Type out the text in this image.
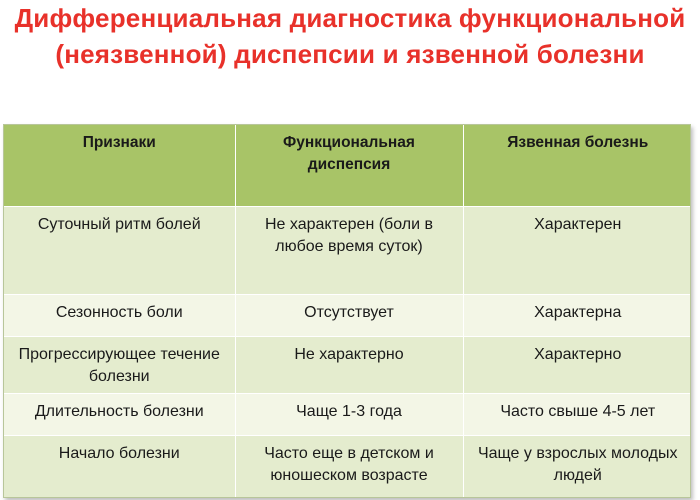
Дифференциальная диагностика функциональной
(неязвенной) диспепсии и язвенной болезни
Признаки	Функциональная диспепсия	Язвенная болезнь
Суточный ритм болей	Не характерен (боли в любое время суток)	Характерен
Сезонность боли	Отсутствует	Характерна
Прогрессирующее течение болезни	Не характерно	Характерно
Длительность болезни	Чаще 1-3 года	Часто свыше 4-5 лет
Начало болезни	Часто еще в детском и юношеском возрасте	Чаще у взрослых молодых людей
